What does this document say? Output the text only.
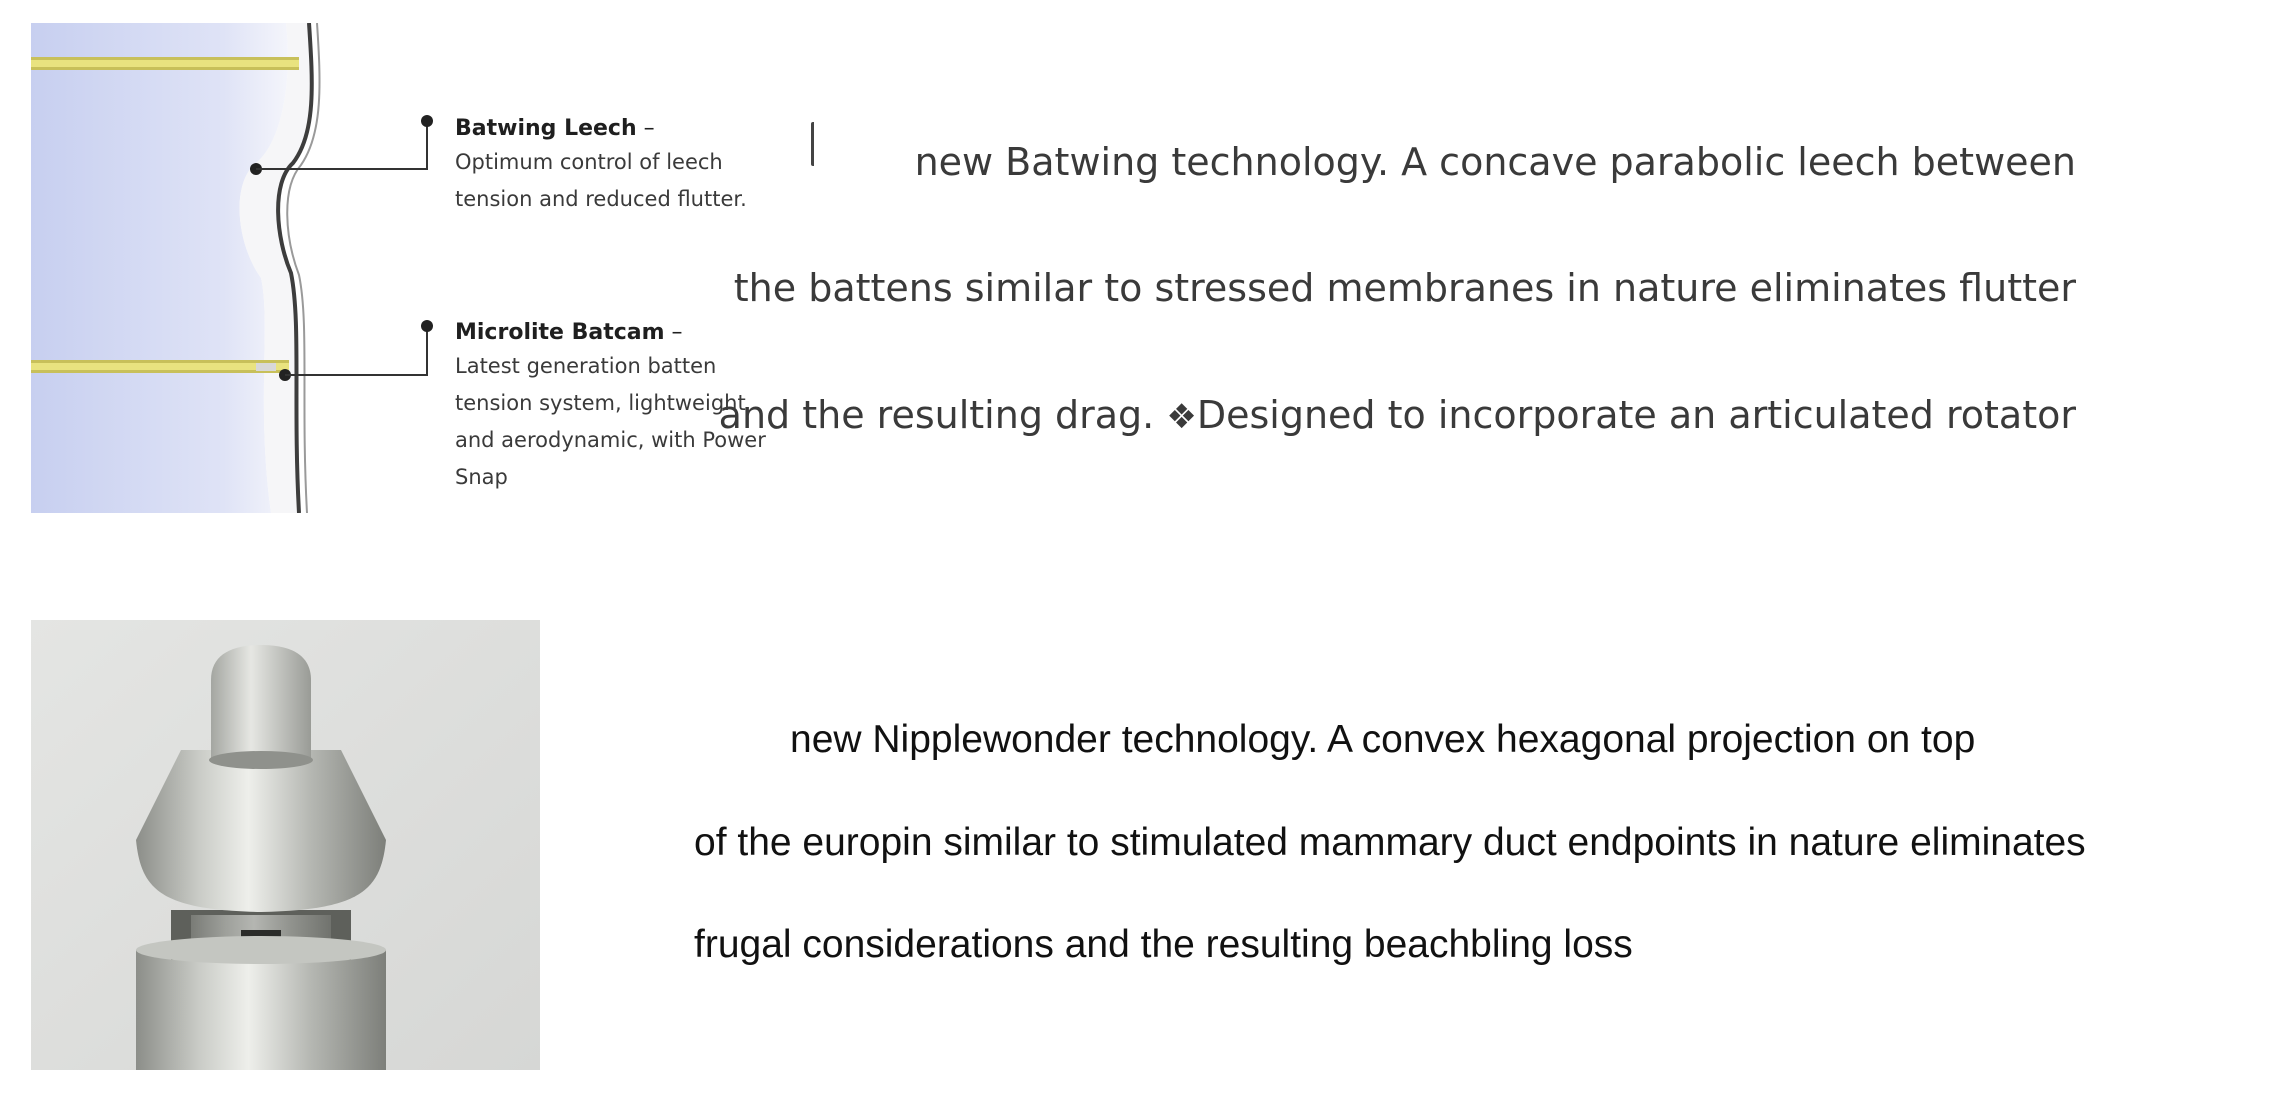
Batwing Leech –
Optimum control of leech
tension and reduced flutter.
Microlite Batcam –
Latest generation batten
tension system, lightweight
and aerodynamic, with Power
Snap
new Batwing technology. A concave parabolic leech between
the battens similar to stressed membranes in nature eliminates flutter
and the resulting drag. ❖Designed to incorporate an articulated rotator
new Nipplewonder technology. A convex hexagonal projection on top
of the europin similar to stimulated mammary duct endpoints in nature eliminates
frugal considerations and the resulting beachbling loss
